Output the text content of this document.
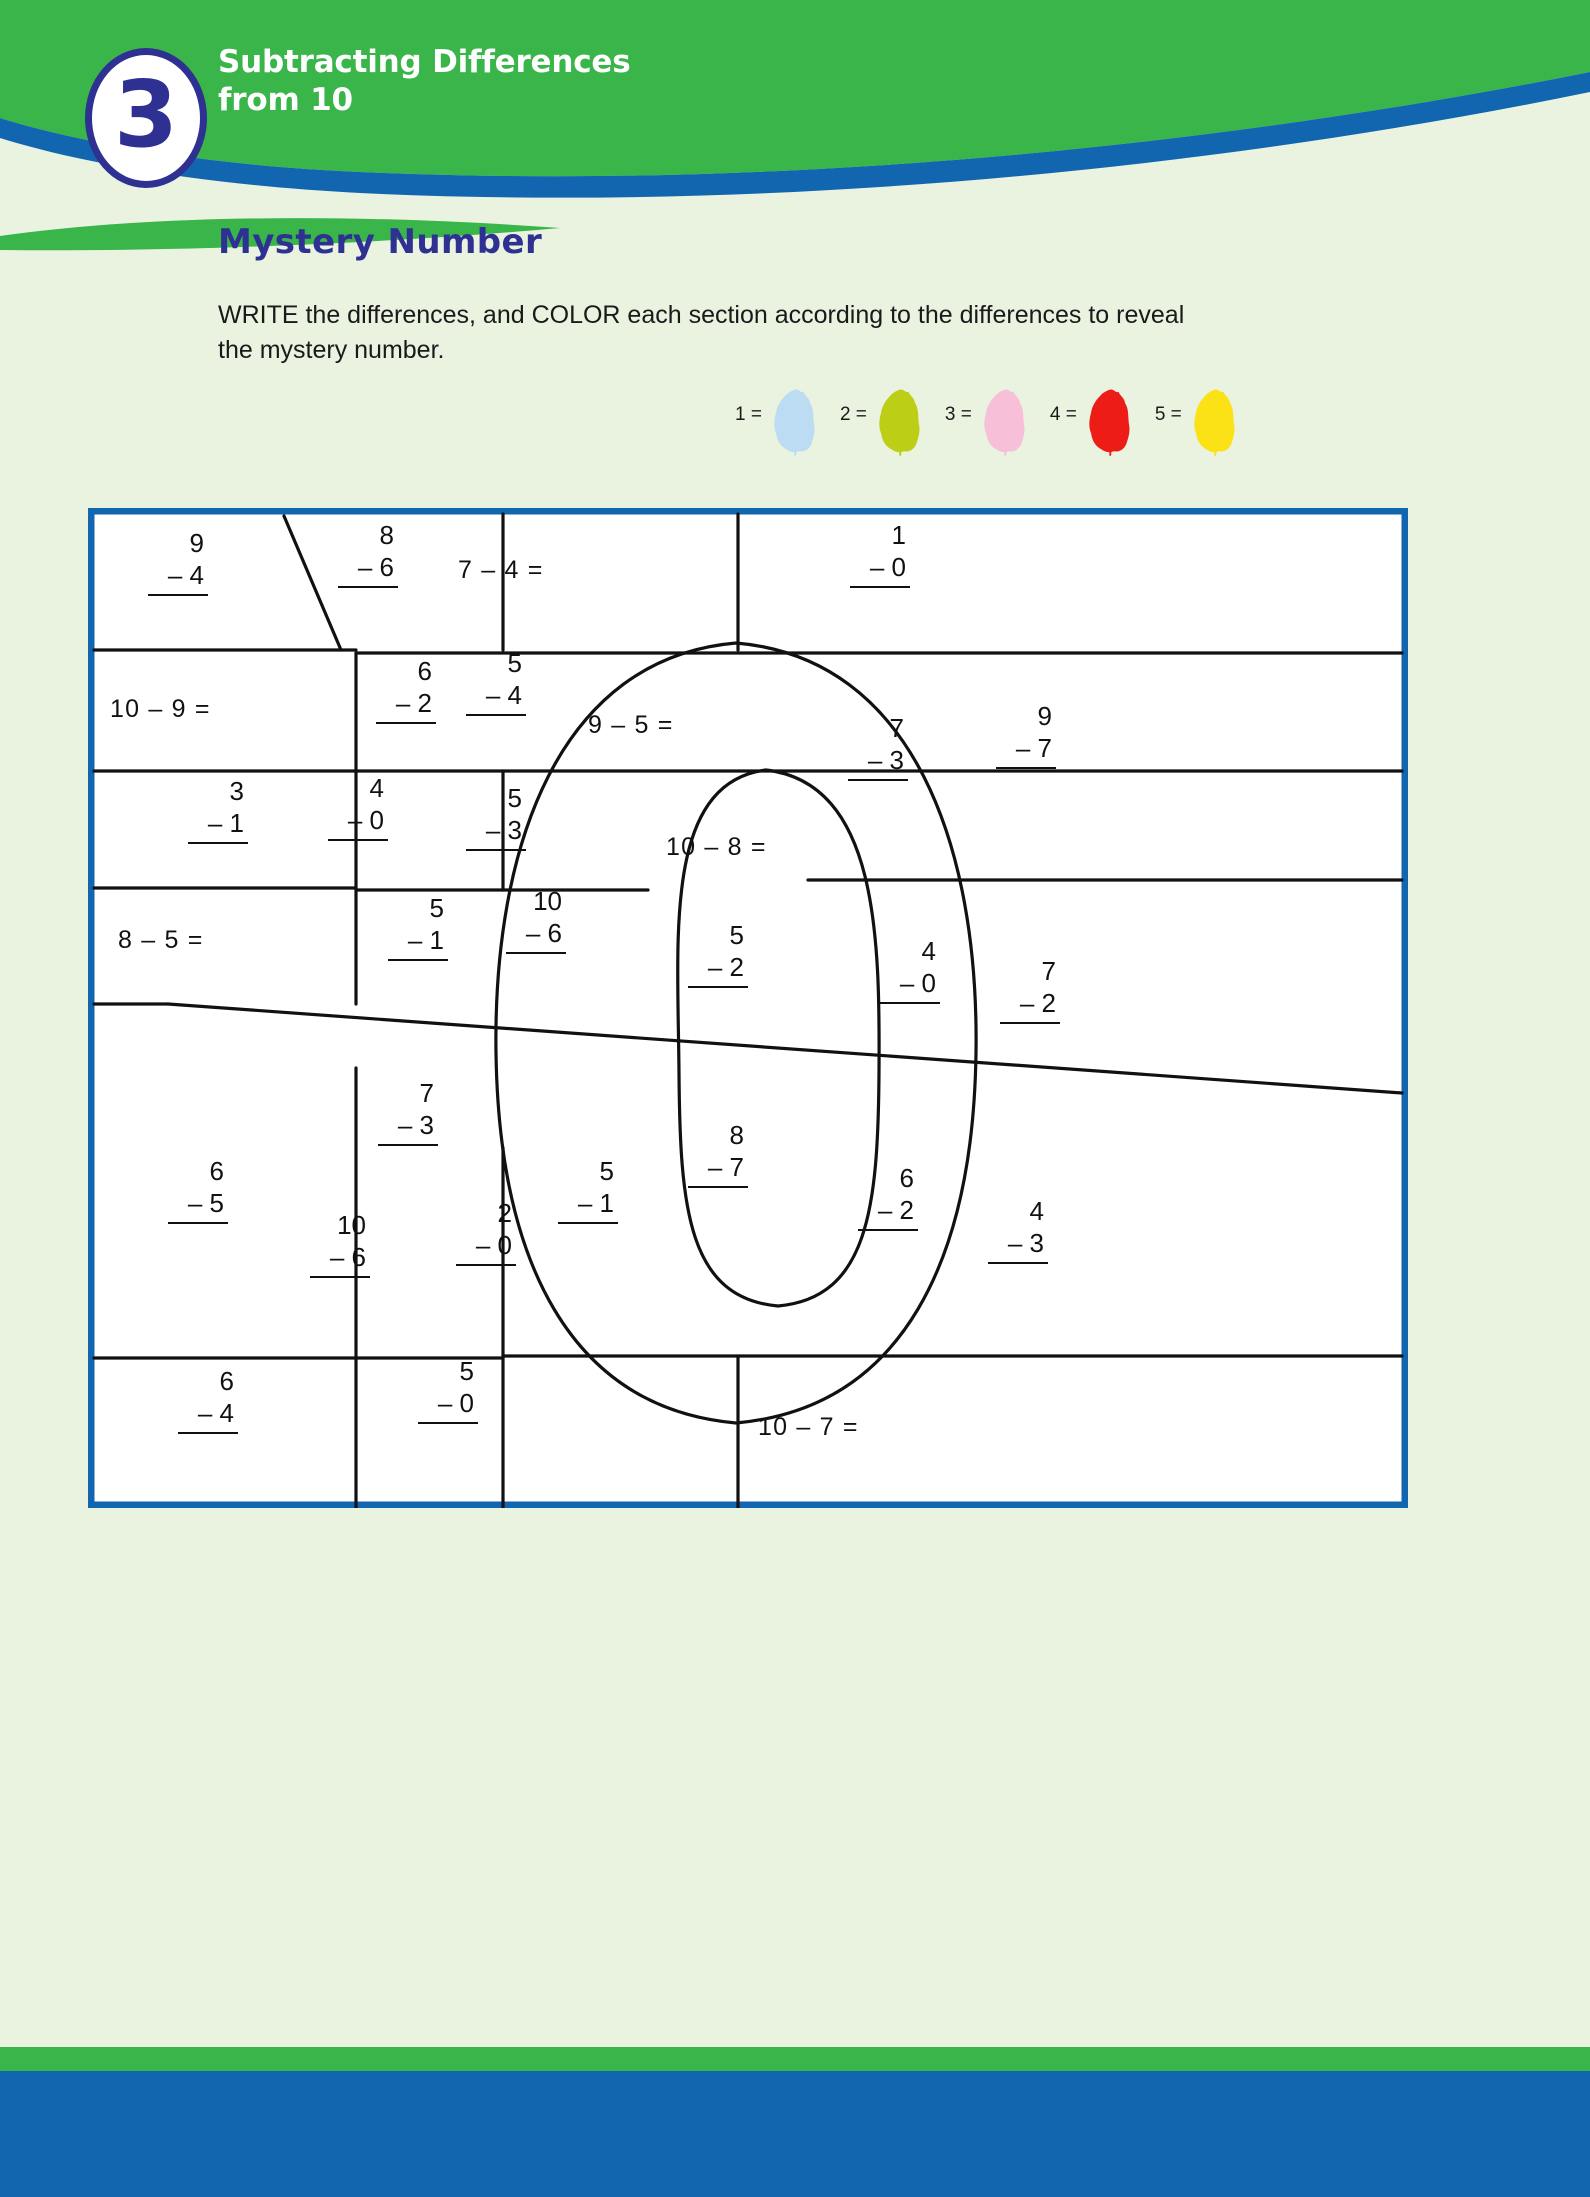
3 Subtracting Differences
from 10
Mystery Number
WRITE the differences, and COLOR each section according to the differences to reveal the mystery number.
1 =	2 =	3 =	4 =	5 =
9
– 4
8
– 6	7 – 4 =
1
– 0
10 – 9 =
6
– 2
5
– 4
9 – 5 =	7
– 3
9
– 7
3
– 1
4
– 0
5
– 3
10 – 8 =
8 – 5 =
5
– 1
10
– 6	5
– 2
4
– 0	7
– 2
7
– 3
6
– 5
10
– 6
2
– 0
5
– 1
8
– 7	6
– 2	4
– 3
6
– 4
5
– 0
10 – 7 =
